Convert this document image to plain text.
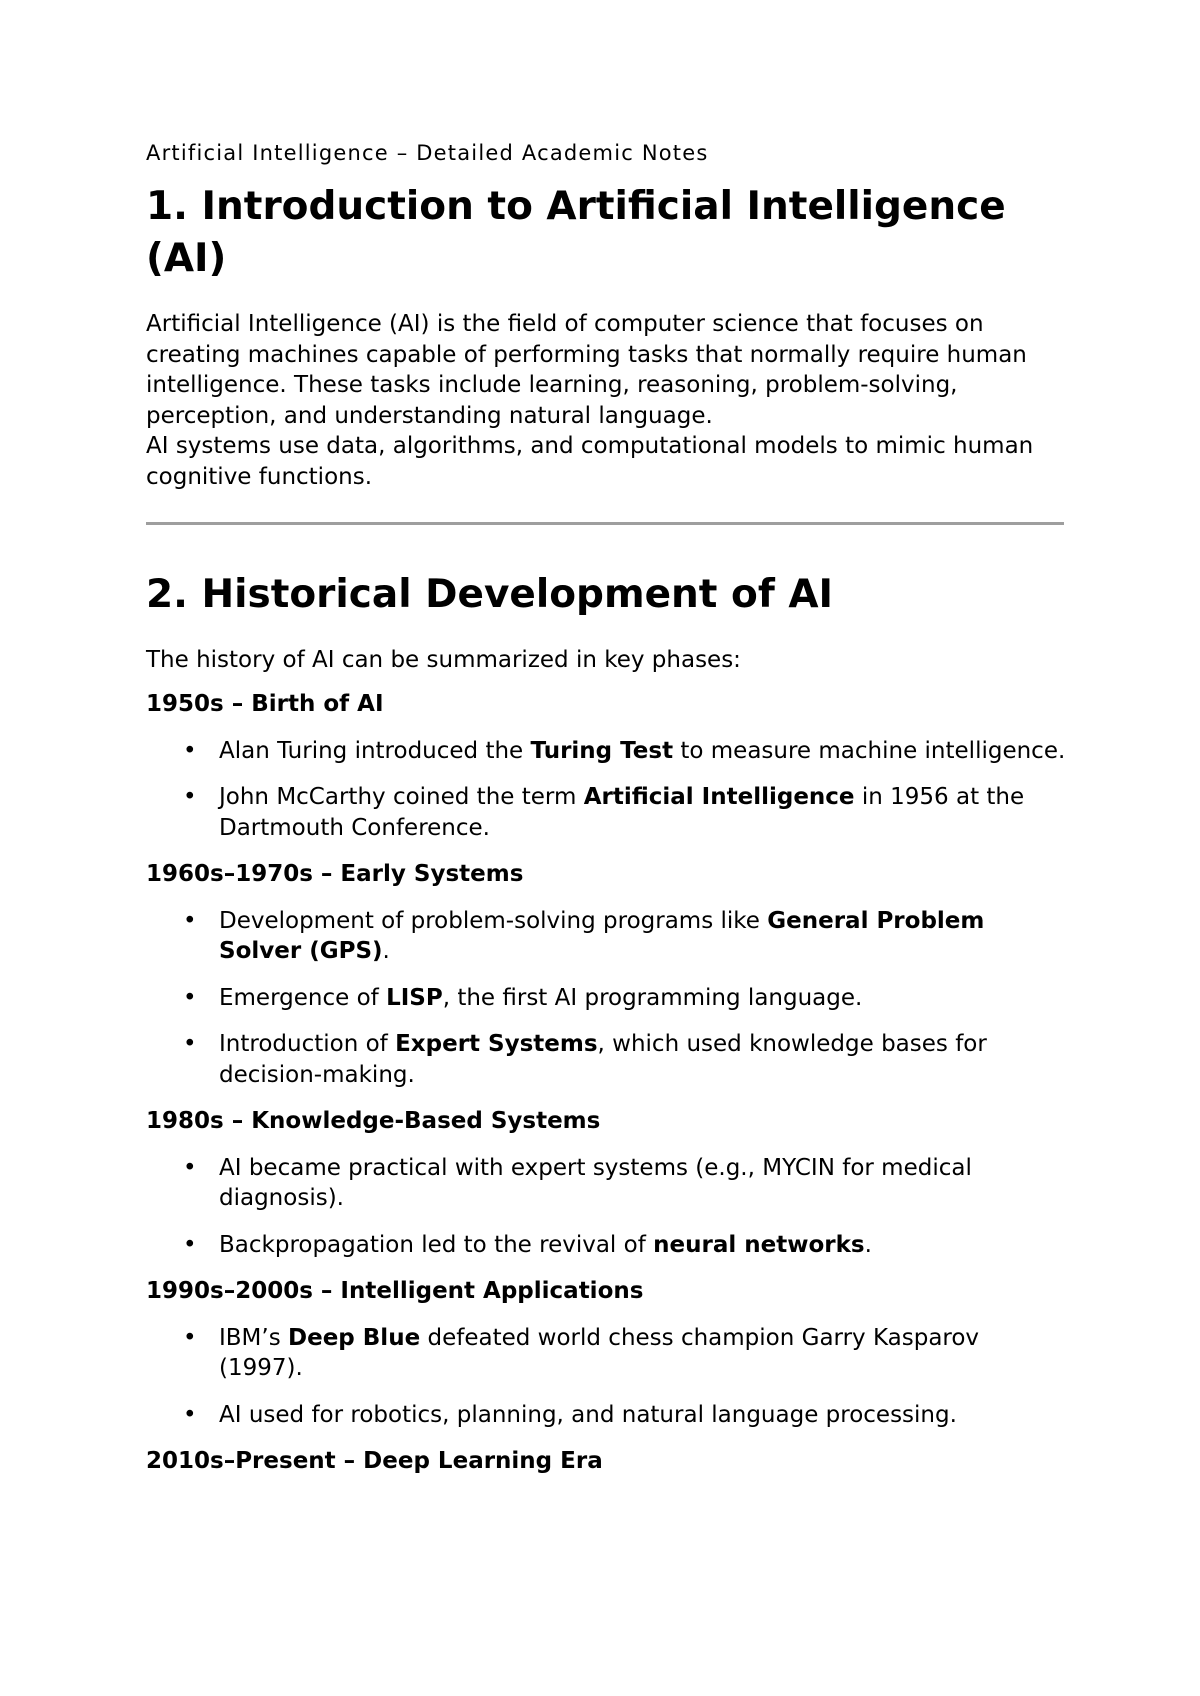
Artificial Intelligence – Detailed Academic Notes
1. Introduction to Artificial Intelligence (AI)

Artificial Intelligence (AI) is the field of computer science that focuses on creating machines capable of performing tasks that normally require human intelligence. These tasks include learning, reasoning, problem-solving, perception, and understanding natural language.

AI systems use data, algorithms, and computational models to mimic human cognitive functions.

2. Historical Development of AI

The history of AI can be summarized in key phases:

1950s – Birth of AI
• Alan Turing introduced the Turing Test to measure machine intelligence.
• John McCarthy coined the term Artificial Intelligence in 1956 at the Dartmouth Conference.
1960s–1970s – Early Systems
• Development of problem-solving programs like General Problem Solver (GPS).
• Emergence of LISP, the first AI programming language.
• Introduction of Expert Systems, which used knowledge bases for decision-making.
1980s – Knowledge-Based Systems
• AI became practical with expert systems (e.g., MYCIN for medical diagnosis).
• Backpropagation led to the revival of neural networks.
1990s–2000s – Intelligent Applications
• IBM’s Deep Blue defeated world chess champion Garry Kasparov (1997).
• AI used for robotics, planning, and natural language processing.
2010s–Present – Deep Learning Era
